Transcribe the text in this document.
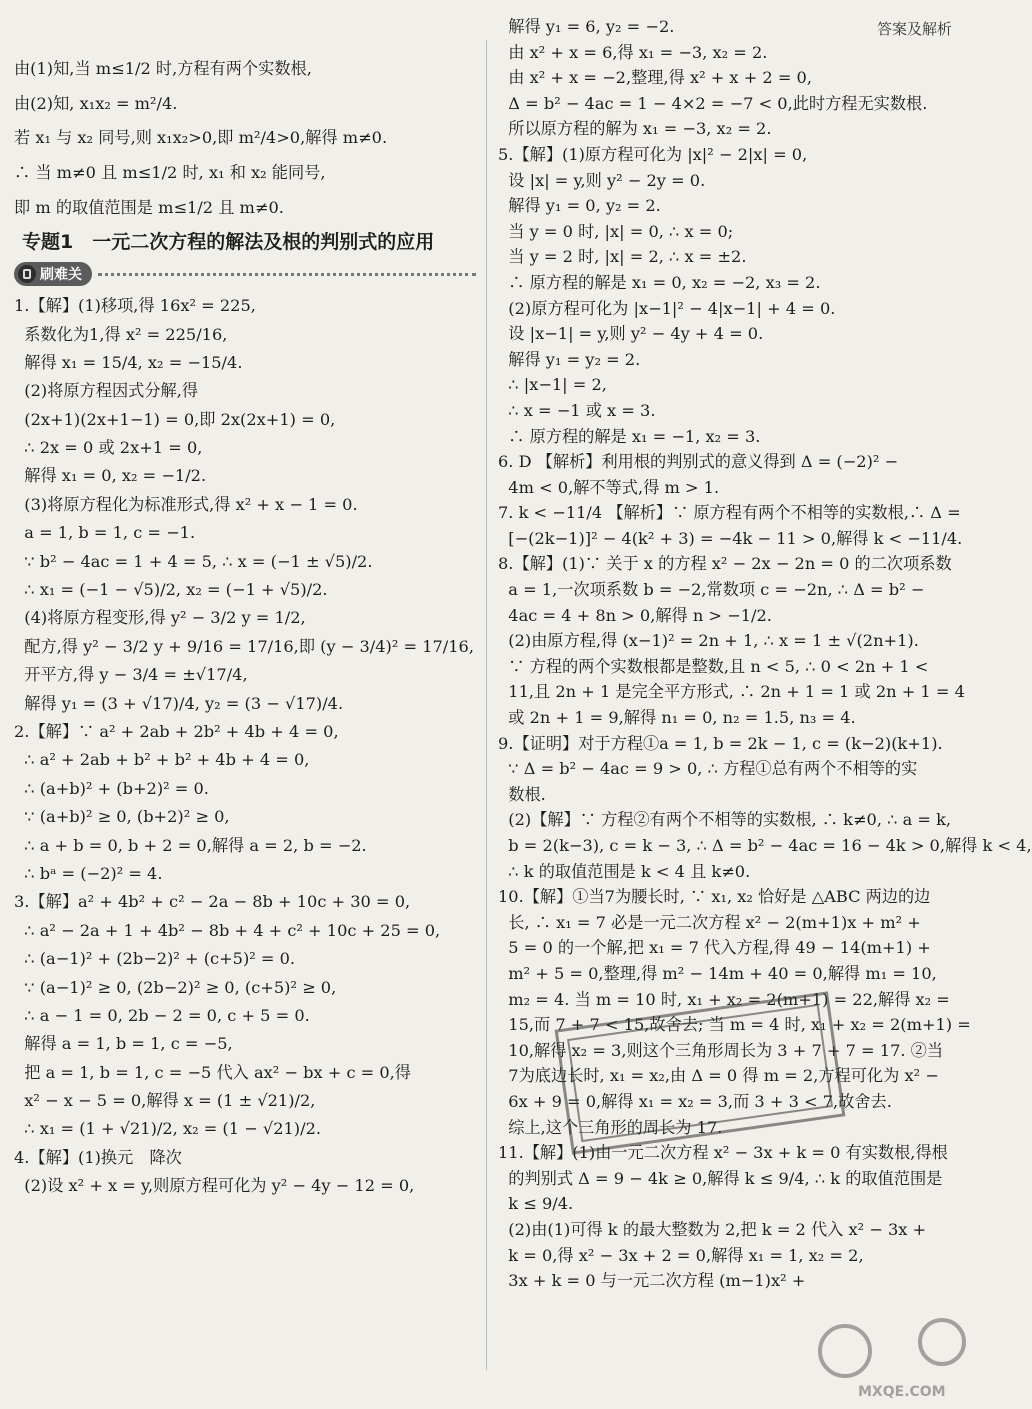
答案及解析
由(1)知,当 m≤1/2 时,方程有两个实数根,
由(2)知, x₁x₂ = m²/4.
若 x₁ 与 x₂ 同号,则 x₁x₂>0,即 m²/4>0,解得 m≠0.
∴ 当 m≠0 且 m≤1/2 时, x₁ 和 x₂ 能同号,
即 m 的取值范围是 m≤1/2 且 m≠0.
专题1　一元二次方程的解法及根的判别式的应用
刷难关
1.【解】(1)移项,得 16x² = 225,
系数化为1,得 x² = 225/16,
解得 x₁ = 15/4, x₂ = −15/4.
(2)将原方程因式分解,得
(2x+1)(2x+1−1) = 0,即 2x(2x+1) = 0,
∴ 2x = 0 或 2x+1 = 0,
解得 x₁ = 0, x₂ = −1/2.
(3)将原方程化为标准形式,得 x² + x − 1 = 0.
a = 1, b = 1, c = −1.
∵ b² − 4ac = 1 + 4 = 5, ∴ x = (−1 ± √5)/2.
∴ x₁ = (−1 − √5)/2, x₂ = (−1 + √5)/2.
(4)将原方程变形,得 y² − 3/2 y = 1/2,
配方,得 y² − 3/2 y + 9/16 = 17/16,即 (y − 3/4)² = 17/16,
开平方,得 y − 3/4 = ±√17/4,
解得 y₁ = (3 + √17)/4, y₂ = (3 − √17)/4.
2.【解】∵ a² + 2ab + 2b² + 4b + 4 = 0,
∴ a² + 2ab + b² + b² + 4b + 4 = 0,
∴ (a+b)² + (b+2)² = 0.
∵ (a+b)² ≥ 0, (b+2)² ≥ 0,
∴ a + b = 0, b + 2 = 0,解得 a = 2, b = −2.
∴ bᵃ = (−2)² = 4.
3.【解】a² + 4b² + c² − 2a − 8b + 10c + 30 = 0,
∴ a² − 2a + 1 + 4b² − 8b + 4 + c² + 10c + 25 = 0,
∴ (a−1)² + (2b−2)² + (c+5)² = 0.
∵ (a−1)² ≥ 0, (2b−2)² ≥ 0, (c+5)² ≥ 0,
∴ a − 1 = 0, 2b − 2 = 0, c + 5 = 0.
解得 a = 1, b = 1, c = −5,
把 a = 1, b = 1, c = −5 代入 ax² − bx + c = 0,得
x² − x − 5 = 0,解得 x = (1 ± √21)/2,
∴ x₁ = (1 + √21)/2, x₂ = (1 − √21)/2.
4.【解】(1)换元　降次
(2)设 x² + x = y,则原方程可化为 y² − 4y − 12 = 0,
解得 y₁ = 6, y₂ = −2.
由 x² + x = 6,得 x₁ = −3, x₂ = 2.
由 x² + x = −2,整理,得 x² + x + 2 = 0,
Δ = b² − 4ac = 1 − 4×2 = −7 < 0,此时方程无实数根.
所以原方程的解为 x₁ = −3, x₂ = 2.
5.【解】(1)原方程可化为 |x|² − 2|x| = 0,
设 |x| = y,则 y² − 2y = 0.
解得 y₁ = 0, y₂ = 2.
当 y = 0 时, |x| = 0, ∴ x = 0;
当 y = 2 时, |x| = 2, ∴ x = ±2.
∴ 原方程的解是 x₁ = 0, x₂ = −2, x₃ = 2.
(2)原方程可化为 |x−1|² − 4|x−1| + 4 = 0.
设 |x−1| = y,则 y² − 4y + 4 = 0.
解得 y₁ = y₂ = 2.
∴ |x−1| = 2,
∴ x = −1 或 x = 3.
∴ 原方程的解是 x₁ = −1, x₂ = 3.
6. D 【解析】利用根的判别式的意义得到 Δ = (−2)² −
4m < 0,解不等式,得 m > 1.
7. k < −11/4 【解析】∵ 原方程有两个不相等的实数根,∴ Δ =
[−(2k−1)]² − 4(k² + 3) = −4k − 11 > 0,解得 k < −11/4.
8.【解】(1)∵ 关于 x 的方程 x² − 2x − 2n = 0 的二次项系数
a = 1,一次项系数 b = −2,常数项 c = −2n, ∴ Δ = b² −
4ac = 4 + 8n > 0,解得 n > −1/2.
(2)由原方程,得 (x−1)² = 2n + 1, ∴ x = 1 ± √(2n+1).
∵ 方程的两个实数根都是整数,且 n < 5, ∴ 0 < 2n + 1 <
11,且 2n + 1 是完全平方形式, ∴ 2n + 1 = 1 或 2n + 1 = 4
或 2n + 1 = 9,解得 n₁ = 0, n₂ = 1.5, n₃ = 4.
9.【证明】对于方程①a = 1, b = 2k − 1, c = (k−2)(k+1).
∵ Δ = b² − 4ac = 9 > 0, ∴ 方程①总有两个不相等的实
数根.
(2)【解】∵ 方程②有两个不相等的实数根, ∴ k≠0, ∴ a = k,
b = 2(k−3), c = k − 3, ∴ Δ = b² − 4ac = 16 − 4k > 0,解得 k < 4,
∴ k 的取值范围是 k < 4 且 k≠0.
10.【解】①当7为腰长时, ∵ x₁, x₂ 恰好是 △ABC 两边的边
长, ∴ x₁ = 7 必是一元二次方程 x² − 2(m+1)x + m² +
5 = 0 的一个解,把 x₁ = 7 代入方程,得 49 − 14(m+1) +
m² + 5 = 0,整理,得 m² − 14m + 40 = 0,解得 m₁ = 10,
m₂ = 4. 当 m = 10 时, x₁ + x₂ = 2(m+1) = 22,解得 x₂ =
15,而 7 + 7 < 15,故舍去; 当 m = 4 时, x₁ + x₂ = 2(m+1) =
10,解得 x₂ = 3,则这个三角形周长为 3 + 7 + 7 = 17. ②当
7为底边长时, x₁ = x₂,由 Δ = 0 得 m = 2,方程可化为 x² −
6x + 9 = 0,解得 x₁ = x₂ = 3,而 3 + 3 < 7,故舍去.
综上,这个三角形的周长为 17.
11.【解】(1)由一元二次方程 x² − 3x + k = 0 有实数根,得根
的判别式 Δ = 9 − 4k ≥ 0,解得 k ≤ 9/4, ∴ k 的取值范围是
k ≤ 9/4.
(2)由(1)可得 k 的最大整数为 2,把 k = 2 代入 x² − 3x +
k = 0,得 x² − 3x + 2 = 0,解得 x₁ = 1, x₂ = 2,
3x + k = 0 与一元二次方程 (m−1)x² +
MXQE.COM
